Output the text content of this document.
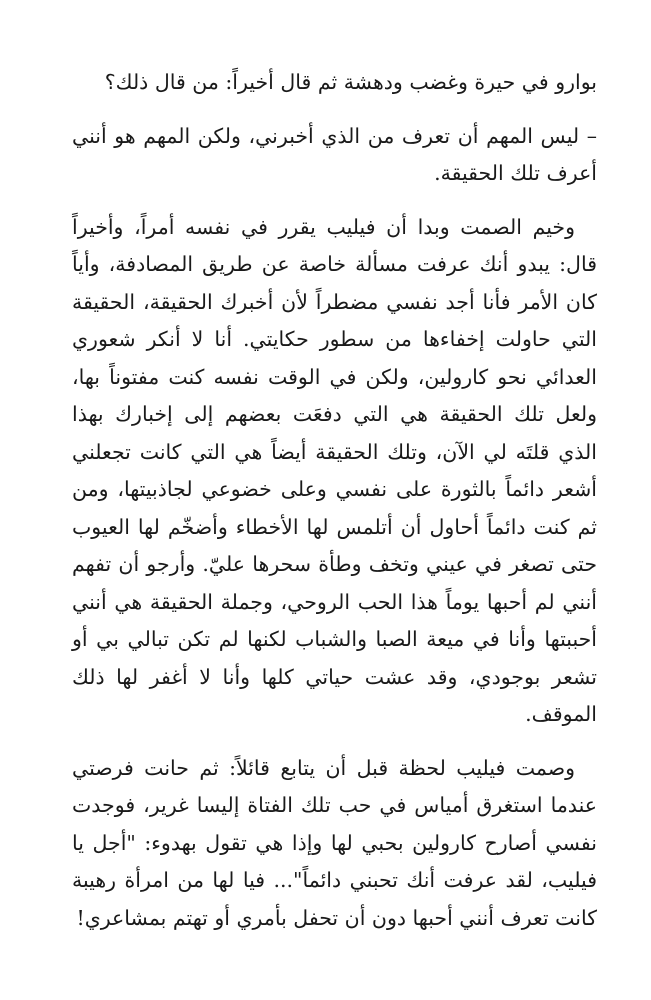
بوارو في حيرة وغضب ودهشة ثم قال أخيراً: من قال ذلك؟

– ليس المهم أن تعرف من الذي أخبرني، ولكن المهم هو أنني أعرف تلك الحقيقة.

وخيم الصمت وبدا أن فيليب يقرر في نفسه أمراً، وأخيراً قال: يبدو أنك عرفت مسألة خاصة عن طريق المصادفة، وأياً كان الأمر فأنا أجد نفسي مضطراً لأن أخبرك الحقيقة، الحقيقة التي حاولت إخفاءها من سطور حكايتي. أنا لا أنكر شعوري العدائي نحو كارولين، ولكن في الوقت نفسه كنت مفتوناً بها، ولعل تلك الحقيقة هي التي دفعَت بعضهم إلى إخبارك بهذا الذي قلتَه لي الآن، وتلك الحقيقة أيضاً هي التي كانت تجعلني أشعر دائماً بالثورة على نفسي وعلى خضوعي لجاذبيتها، ومن ثم كنت دائماً أحاول أن أتلمس لها الأخطاء وأضخّم لها العيوب حتى تصغر في عيني وتخف وطأة سحرها عليّ. وأرجو أن تفهم أنني لم أحبها يوماً هذا الحب الروحي، وجملة الحقيقة هي أنني أحببتها وأنا في ميعة الصبا والشباب لكنها لم تكن تبالي بي أو تشعر بوجودي، وقد عشت حياتي كلها وأنا لا أغفر لها ذلك الموقف.

وصمت فيليب لحظة قبل أن يتابع قائلاً: ثم حانت فرصتي عندما استغرق أمياس في حب تلك الفتاة إليسا غرير، فوجدت نفسي أصارح كارولين بحبي لها وإذا هي تقول بهدوء: "أجل يا فيليب، لقد عرفت أنك تحبني دائماً"... فيا لها من امرأة رهيبة كانت تعرف أنني أحبها دون أن تحفل بأمري أو تهتم بمشاعري!
